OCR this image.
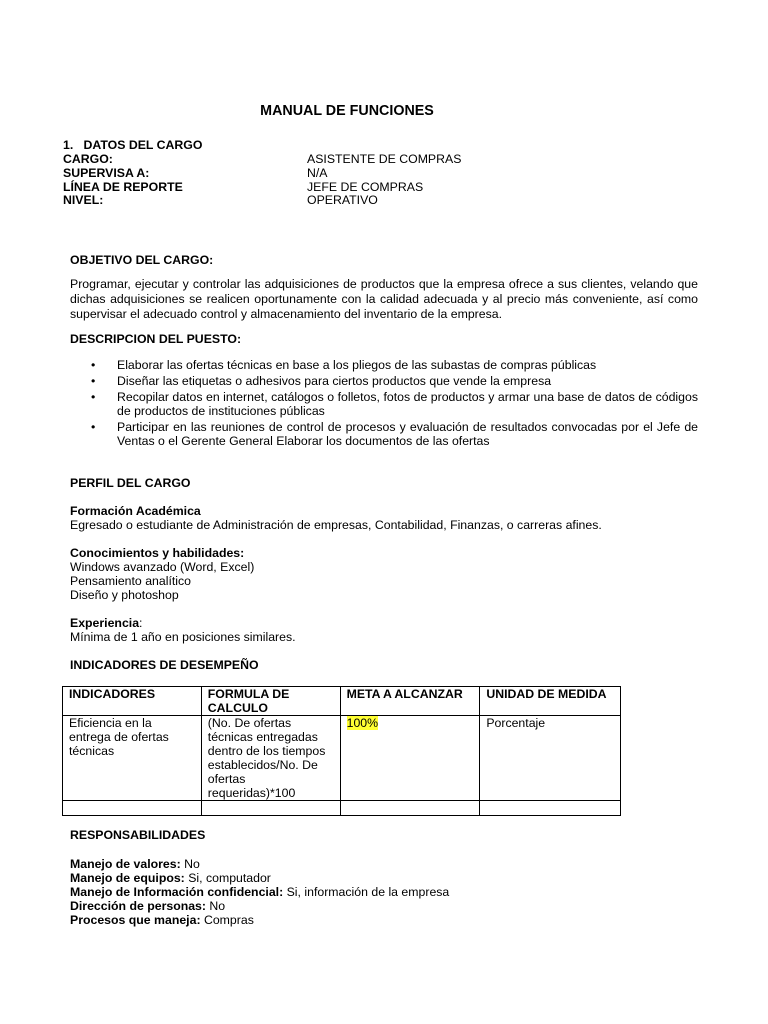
MANUAL DE FUNCIONES
1.   DATOS DEL CARGO
CARGO:	ASISTENTE DE COMPRAS
SUPERVISA A:	N/A
LÍNEA DE REPORTE	JEFE DE COMPRAS
NIVEL:	OPERATIVO
OBJETIVO DEL CARGO:
Programar, ejecutar y controlar las adquisiciones de productos que la empresa ofrece a sus clientes, velando que dichas adquisiciones se realicen oportunamente con la calidad adecuada y al precio más conveniente, así como supervisar el adecuado control y almacenamiento del inventario de la empresa.
DESCRIPCION DEL PUESTO:
• Elaborar las ofertas técnicas en base a los pliegos de las subastas de compras públicas
• Diseñar las etiquetas o adhesivos para ciertos productos que vende la empresa
• Recopilar datos en internet, catálogos o folletos, fotos de productos y armar una base de datos de códigos de productos de instituciones públicas
• Participar en las reuniones de control de procesos y evaluación de resultados convocadas por el Jefe de Ventas o el Gerente General Elaborar los documentos de las ofertas
PERFIL DEL CARGO
Formación Académica
Egresado o estudiante de Administración de empresas, Contabilidad, Finanzas, o carreras afines.
Conocimientos y habilidades:
Windows avanzado (Word, Excel)
Pensamiento analítico
Diseño y photoshop
Experiencia:
Mínima de 1 año en posiciones similares.
INDICADORES DE DESEMPEÑO
INDICADORES	FORMULA DE CALCULO	META A ALCANZAR	UNIDAD DE MEDIDA
Eficiencia en la entrega de ofertas técnicas	(No. De ofertas técnicas entregadas dentro de los tiempos establecidos/No. De ofertas requeridas)*100	100%	Porcentaje

RESPONSABILIDADES
Manejo de valores: No
Manejo de equipos: Si, computador
Manejo de Información confidencial: Si, información de la empresa
Dirección de personas: No
Procesos que maneja: Compras
